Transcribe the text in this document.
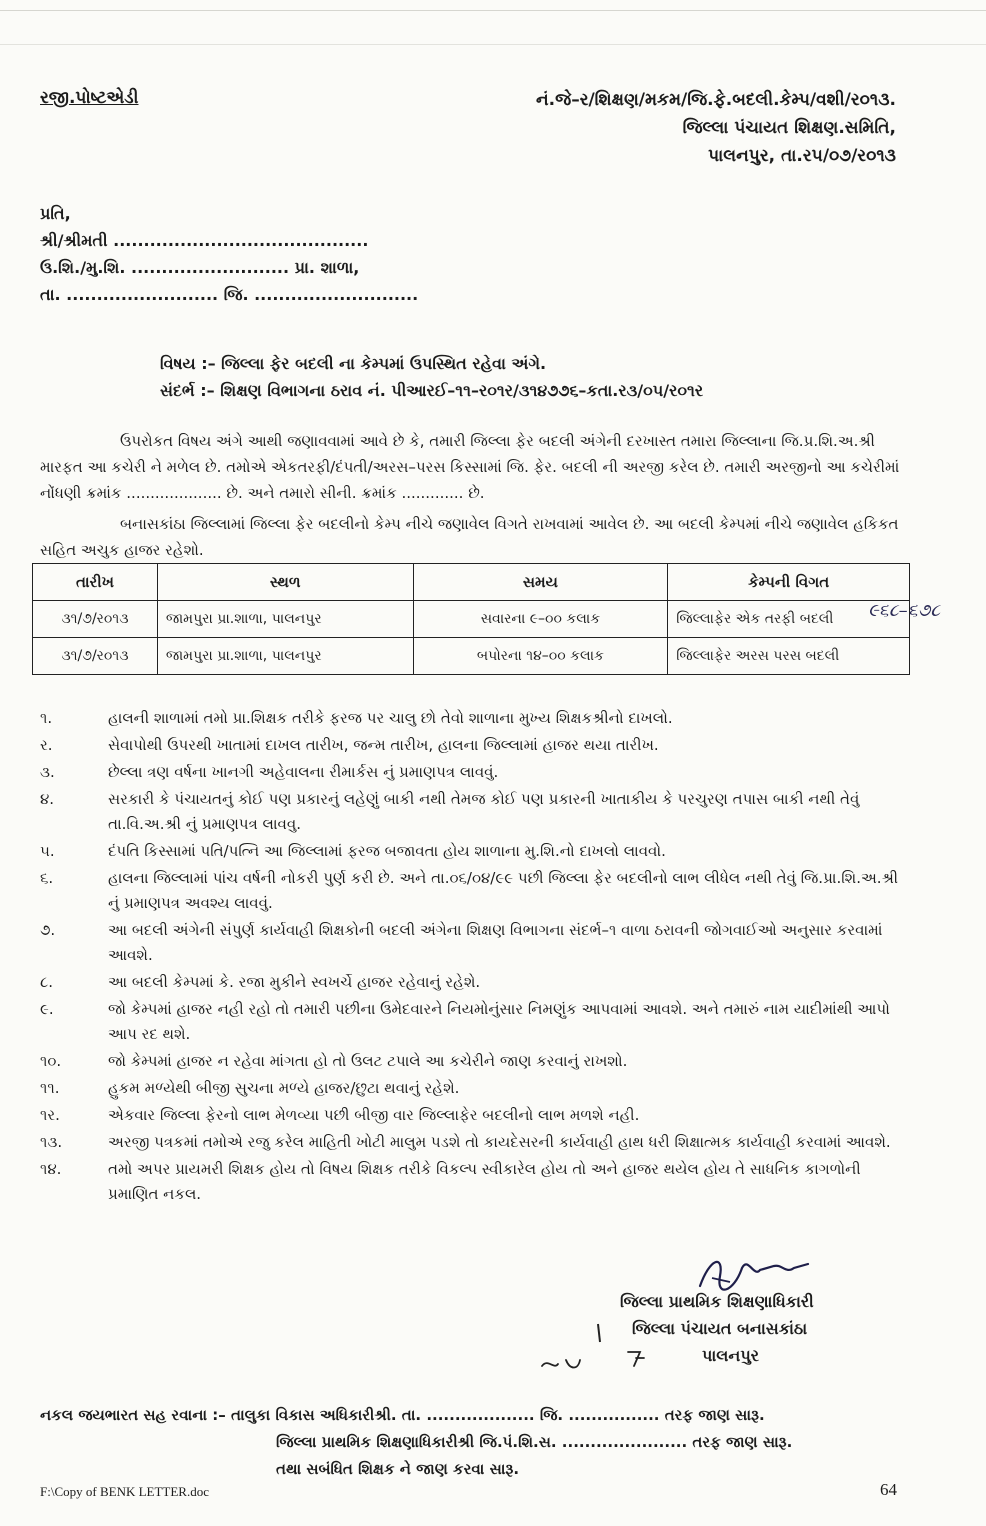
રજી.પોષ્ટએડી	નં.જે–ર/શિક્ષણ/મકમ/જિ.ફે.બદલી.કેમ્પ/વશી/ર૦૧૩.
જિલ્લા પંચાયત શિક્ષણ.સમિતિ,
પાલનપુર, તા.ર૫/૦૭/ર૦૧૩
પ્રતિ,
શ્રી/શ્રીમતી ..........................................
ઉ.શિ./મુ.શિ. .......................... પ્રા. શાળા,
તા. ......................... જિ. ...........................
વિષય :– જિલ્લા ફેર બદલી ના કેમ્પમાં ઉપસ્થિત રહેવા અંગે.
સંદર્ભ :– શિક્ષણ વિભાગના ઠરાવ નં. પીઆરઈ–૧૧–ર૦૧ર/૩૧૪૭૭૬–કતા.ર૩/૦૫/ર૦૧ર
ઉપરોકત વિષય અંગે આથી જણાવવામાં આવે છે કે, તમારી જિલ્લા ફેર બદલી અંગેની દરખાસ્ત તમારા જિલ્લાના જિ.પ્ર.શિ.અ.શ્રી મારફત આ કચેરી ને મળેલ છે. તમોએ એકતરફી/દંપતી/અરસ–પરસ કિસ્સામાં જિ. ફેર. બદલી ની અરજી કરેલ છે. તમારી અરજીનો આ કચેરીમાં નોંધણી ક્રમાંક .................... છે. અને તમારો સીની. ક્રમાંક ............. છે.
બનાસકાંઠા જિલ્લામાં જિલ્લા ફેર બદલીનો કેમ્પ નીચે જણાવેલ વિગતે રાખવામાં આવેલ છે. આ બદલી કેમ્પમાં નીચે જણાવેલ હકિકત સહિત અચુક હાજર રહેશો.
તારીખ	સ્થળ	સમય	કેમ્પની વિગત
૩૧/૭/ર૦૧૩	જામપુરા પ્રા.શાળા, પાલનપુર	સવારના ૯–૦૦ કલાક	જિલ્લાફેર એક તરફી બદલી
૩૧/૭/ર૦૧૩	જામપુરા પ્રા.શાળા, પાલનપુર	બપોરના ૧૪–૦૦ કલાક	જિલ્લાફેર અરસ પરસ બદલી
૯૬૮–૬૭૮
૧.	હાલની શાળામાં તમો પ્રા.શિક્ષક તરીકે ફરજ પર ચાલુ છો તેવો શાળાના મુખ્ય શિક્ષકશ્રીનો દાખલો.
ર.	સેવાપોથી ઉપરથી ખાતામાં દાખલ તારીખ, જન્મ તારીખ, હાલના જિલ્લામાં હાજર થયા તારીખ.
૩.	છેલ્લા ત્રણ વર્ષના ખાનગી અહેવાલના રીમાર્કસ નું પ્રમાણપત્ર લાવવું.
૪.	સરકારી કે પંચાયતનું કોઈ પણ પ્રકારનું લહેણું બાકી નથી તેમજ કોઈ પણ પ્રકારની ખાતાકીય કે પરચુરણ તપાસ બાકી નથી તેવું તા.વિ.અ.શ્રી નું પ્રમાણપત્ર લાવવુ.
૫.	દંપતિ કિસ્સામાં પતિ/પત્નિ આ જિલ્લામાં ફરજ બજાવતા હોય શાળાના મુ.શિ.નો દાખલો લાવવો.
૬.	હાલના જિલ્લામાં પાંચ વર્ષની નોકરી પુર્ણ કરી છે. અને તા.૦૬/૦૪/૯૯ પછી જિલ્લા ફેર બદલીનો લાભ લીધેલ નથી તેવું જિ.પ્રા.શિ.અ.શ્રી નું પ્રમાણપત્ર અવશ્ય લાવવું.
૭.	આ બદલી અંગેની સંપુર્ણ કાર્યવાહી શિક્ષકોની બદલી અંગેના શિક્ષણ વિભાગના સંદર્ભ–૧ વાળા ઠરાવની જોગવાઈઓ અનુસાર કરવામાં આવશે.
૮.	આ બદલી કેમ્પમાં કે. રજા મુકીને સ્વખર્ચે હાજર રહેવાનું રહેશે.
૯.	જો કેમ્પમાં હાજર નહી રહો તો તમારી પછીના ઉમેદવારને નિયમોનુંસાર નિમણુંક આપવામાં આવશે. અને તમારું નામ યાદીમાંથી આપો આપ રદ થશે.
૧૦.	જો કેમ્પમાં હાજર ન રહેવા માંગતા હો તો ઉલટ ટપાલે આ કચેરીને જાણ કરવાનું રાખશો.
૧૧.	હુકમ મળ્યેથી બીજી સુચના મળ્યે હાજર/છુટા થવાનું રહેશે.
૧ર.	એકવાર જિલ્લા ફેરનો લાભ મેળવ્યા પછી બીજી વાર જિલ્લાફેર બદલીનો લાભ મળશે નહી.
૧૩.	અરજી પત્રકમાં તમોએ રજુ કરેલ માહિતી ખોટી માલુમ પડશે તો કાયદેસરની કાર્યવાહી હાથ ધરી શિક્ષાત્મક કાર્યવાહી કરવામાં આવશે.
૧૪.	તમો અપર પ્રાયમરી શિક્ષક હોય તો વિષય શિક્ષક તરીકે વિકલ્પ સ્વીકારેલ હોય તો અને હાજર થયેલ હોય તે સાધનિક કાગળોની પ્રમાણિત નકલ.
જિલ્લા પ્રાથમિક શિક્ષણાધિકારી
જિલ્લા પંચાયત બનાસકાંઠા
પાલનપુર
નકલ જયભારત સહ રવાના :– તાલુકા વિકાસ અધિકારીશ્રી. તા. ................... જિ. ................ તરફ જાણ સારૂ.
જિલ્લા પ્રાથમિક શિક્ષણાધિકારીશ્રી જિ.પં.શિ.સ. ...................... તરફ જાણ સારૂ.
તથા સબંધિત શિક્ષક ને જાણ કરવા સારૂ.
F:\Copy of BENK LETTER.doc	64
